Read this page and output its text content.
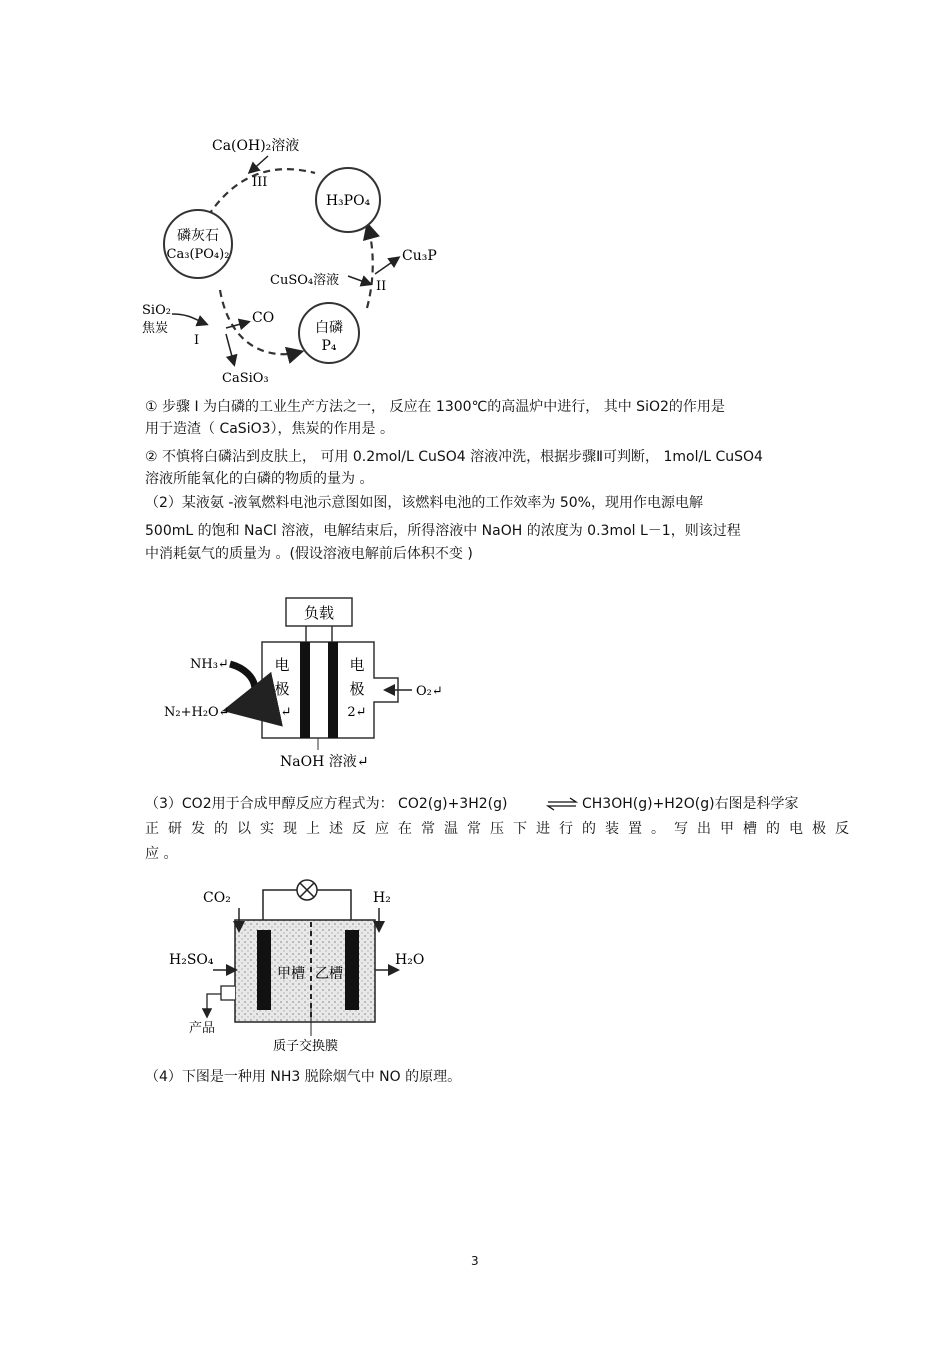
Ca(OH)₂溶液
III
H₃PO₄
磷灰石
Ca₃(PO₄)₂	Cu₃P
CuSO₄溶液	II
SiO₂
焦炭
CO
I
白磷
P₄
CaSiO₃
① 步骤 I 为白磷的工业生产方法之一， 反应在 1300℃的高温炉中进行， 其中 SiO2的作用是
用于造渣（ CaSiO3），焦炭的作用是 。
② 不慎将白磷沾到皮肤上， 可用 0.2mol/L CuSO4 溶液冲洗，根据步骤Ⅱ可判断， 1mol/L CuSO4
溶液所能氧化的白磷的物质的量为 。
（2）某液氨 -液氧燃料电池示意图如图，该燃料电池的工作效率为 50%，现用作电源电解
500mL 的饱和 NaCl 溶液，电解结束后，所得溶液中 NaOH 的浓度为 0.3mol L－1，则该过程
中消耗氨气的质量为 。(假设溶液电解前后体积不变 )
负载
电
极
1↵
电
极
2↵
NH₃↵
N₂+H₂O↵
O₂↵
NaOH 溶液↵
（3）CO2用于合成甲醇反应方程式为： CO2(g)+3H2(g) ⇌ CH3OH(g)+H2O(g)右图是科学家
正研发的以实现上述反应在常温常压下进行的装置。写出甲槽的电极反
应 。
CO₂	H₂
H₂SO₄	H₂O
甲槽 乙槽
产品
质子交换膜
（4）下图是一种用 NH3 脱除烟气中 NO 的原理。
3
